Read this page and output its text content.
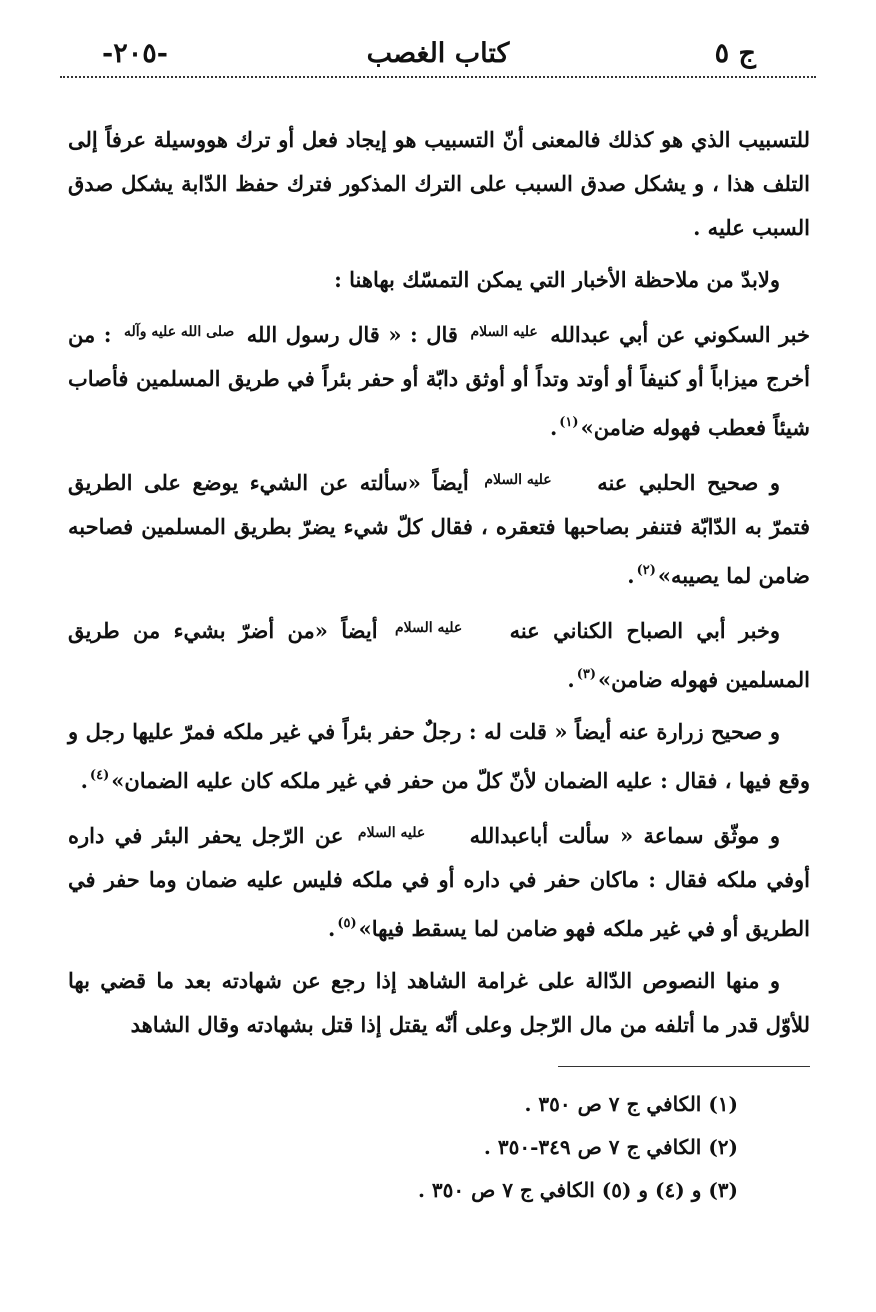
ج ٥
كتاب الغصب
-٢٠٥-

للتسبيب الذي هو كذلك فالمعنى أنّ التسبيب هو إيجاد فعل أو ترك هووسيلة عرفاً إلى التلف هذا ، و يشكل صدق السبب على الترك المذكور فترك حفظ الدّابة يشكل صدق السبب عليه .

ولابدّ من ملاحظة الأخبار التي يمكن التمسّك بهاهنا :

خبر السكوني عن أبي عبدالله عليه السلام قال : « قال رسول الله صلى الله عليه وآله : من أخرج ميزاباً أو كنيفاً أو أوتد وتداً أو أوثق دابّة أو حفر بئراً في طريق المسلمين فأصاب شيئاً فعطب فهوله ضامن»$^{(١)}$.

و صحيح الحلبي عنه عليه السلام أيضاً «سألته عن الشيء يوضع على الطريق فتمرّ به الدّابّة فتنفر بصاحبها فتعقره ، فقال كلّ شيء يضرّ بطريق المسلمين فصاحبه ضامن لما يصيبه»$^{(٢)}$.

وخبر أبي الصباح الكناني عنه عليه السلام أيضاً «من أضرّ بشيء من طريق المسلمين فهوله ضامن»$^{(٣)}$.

و صحيح زرارة عنه أيضاً « قلت له : رجلٌ حفر بئراً في غير ملكه فمرّ عليها رجل و وقع فيها ، فقال : عليه الضمان لأنّ كلّ من حفر في غير ملكه كان عليه الضمان»$^{(٤)}$.

و موثّق سماعة « سألت أباعبدالله عليه السلام عن الرّجل يحفر البئر في داره أوفي ملكه فقال : ماكان حفر في داره أو في ملكه فليس عليه ضمان وما حفر في الطريق أو في غير ملكه فهو ضامن لما يسقط فيها»$^{(٥)}$.

و منها النصوص الدّالة على غرامة الشاهد إذا رجع عن شهادته بعد ما قضي بها للأوّل قدر ما أتلفه من مال الرّجل وعلى أنّه يقتل إذا قتل بشهادته وقال الشاهد

(١) الكافي ج ٧ ص ٣٥٠ .
(٢) الكافي ج ٧ ص ٣٤٩-٣٥٠ .
(٣) و (٤) و (٥) الكافي ج ٧ ص ٣٥٠ .
